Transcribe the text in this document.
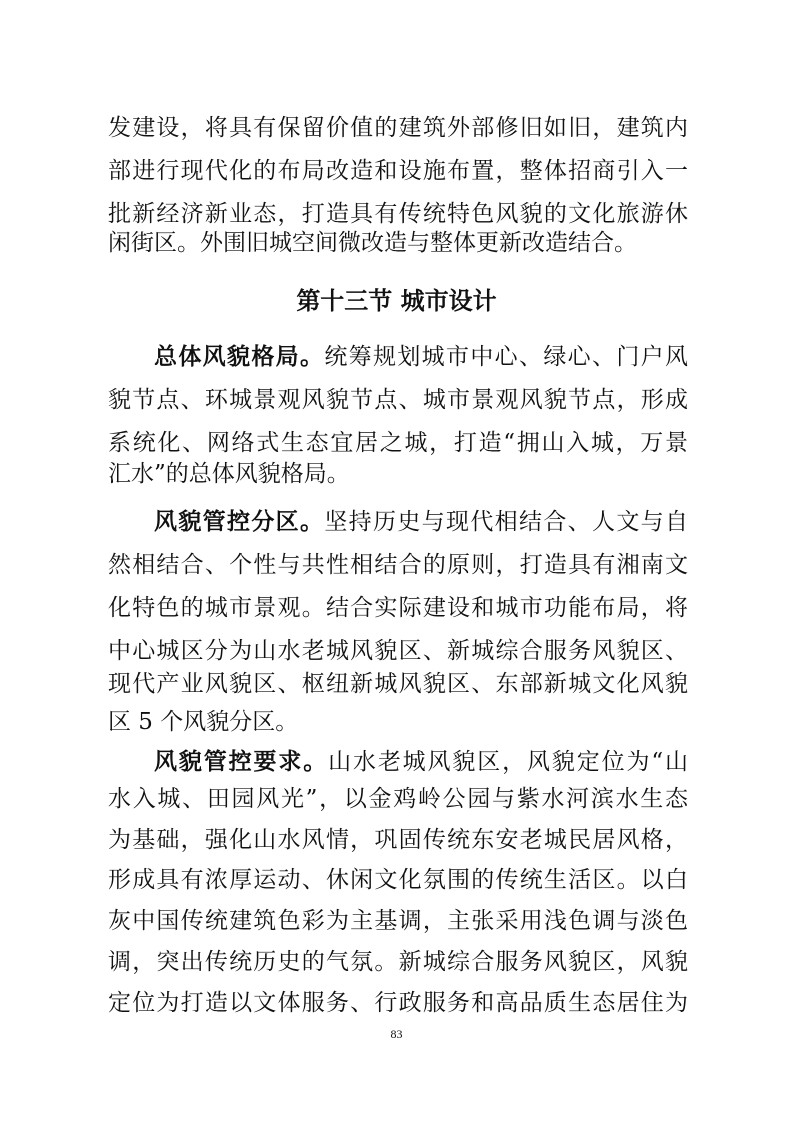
发建设，将具有保留价值的建筑外部修旧如旧，建筑内
部进行现代化的布局改造和设施布置，整体招商引入一
批新经济新业态，打造具有传统特色风貌的文化旅游休
闲街区。外围旧城空间微改造与整体更新改造结合。
第十三节 城市设计
总体风貌格局。统筹规划城市中心、绿心、门户风
貌节点、环城景观风貌节点、城市景观风貌节点，形成
系统化、网络式生态宜居之城，打造“拥山入城，万景
汇水”的总体风貌格局。
风貌管控分区。坚持历史与现代相结合、人文与自
然相结合、个性与共性相结合的原则，打造具有湘南文
化特色的城市景观。结合实际建设和城市功能布局，将
中心城区分为山水老城风貌区、新城综合服务风貌区、
现代产业风貌区、枢纽新城风貌区、东部新城文化风貌
区 5 个风貌分区。
风貌管控要求。山水老城风貌区，风貌定位为“山
水入城、田园风光”，以金鸡岭公园与紫水河滨水生态
为基础，强化山水风情，巩固传统东安老城民居风格，
形成具有浓厚运动、休闲文化氛围的传统生活区。以白
灰中国传统建筑色彩为主基调，主张采用浅色调与淡色
调，突出传统历史的气氛。新城综合服务风貌区，风貌
定位为打造以文体服务、行政服务和高品质生态居住为
83
